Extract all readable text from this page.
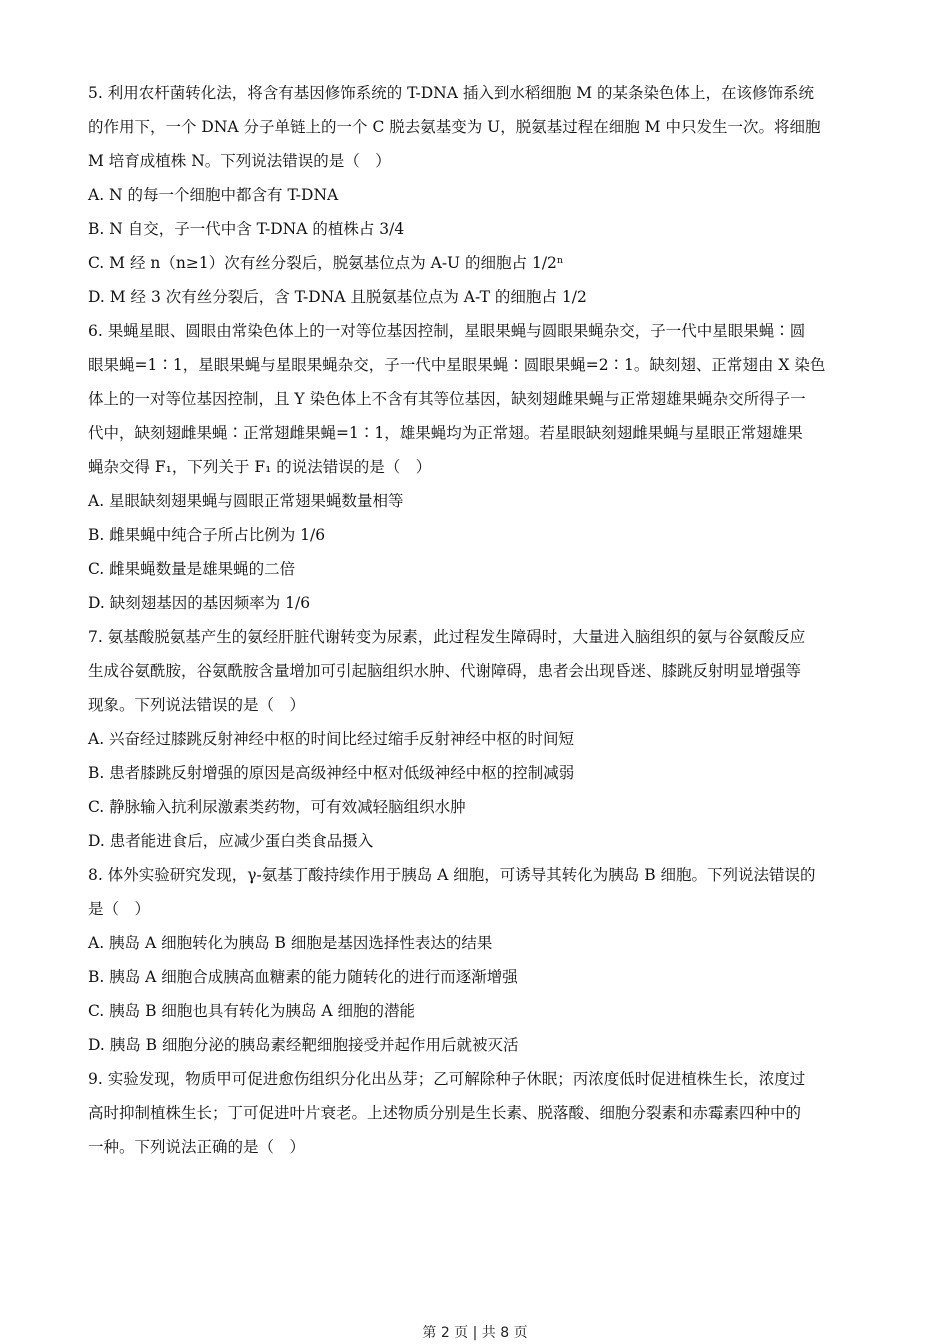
5. 利用农杆菌转化法，将含有基因修饰系统的 T-DNA 插入到水稻细胞 M 的某条染色体上，在该修饰系统
的作用下，一个 DNA 分子单链上的一个 C 脱去氨基变为 U，脱氨基过程在细胞 M 中只发生一次。将细胞
M 培育成植株 N。下列说法错误的是（　）
A. N 的每一个细胞中都含有 T-DNA
B. N 自交，子一代中含 T-DNA 的植株占 3/4
C. M 经 n（n≥1）次有丝分裂后，脱氨基位点为 A-U 的细胞占 1/2ⁿ
D. M 经 3 次有丝分裂后，含 T-DNA 且脱氨基位点为 A-T 的细胞占 1/2
6. 果蝇星眼、圆眼由常染色体上的一对等位基因控制，星眼果蝇与圆眼果蝇杂交，子一代中星眼果蝇∶圆
眼果蝇=1∶1，星眼果蝇与星眼果蝇杂交，子一代中星眼果蝇∶圆眼果蝇=2∶1。缺刻翅、正常翅由 X 染色
体上的一对等位基因控制，且 Y 染色体上不含有其等位基因，缺刻翅雌果蝇与正常翅雄果蝇杂交所得子一
代中，缺刻翅雌果蝇∶正常翅雌果蝇=1∶1，雄果蝇均为正常翅。若星眼缺刻翅雌果蝇与星眼正常翅雄果
蝇杂交得 F₁，下列关于 F₁ 的说法错误的是（　）
A. 星眼缺刻翅果蝇与圆眼正常翅果蝇数量相等
B. 雌果蝇中纯合子所占比例为 1/6
C. 雌果蝇数量是雄果蝇的二倍
D. 缺刻翅基因的基因频率为 1/6
7. 氨基酸脱氨基产生的氨经肝脏代谢转变为尿素，此过程发生障碍时，大量进入脑组织的氨与谷氨酸反应
生成谷氨酰胺，谷氨酰胺含量增加可引起脑组织水肿、代谢障碍，患者会出现昏迷、膝跳反射明显增强等
现象。下列说法错误的是（　）
A. 兴奋经过膝跳反射神经中枢的时间比经过缩手反射神经中枢的时间短
B. 患者膝跳反射增强的原因是高级神经中枢对低级神经中枢的控制减弱
C. 静脉输入抗利尿激素类药物，可有效减轻脑组织水肿
D. 患者能进食后，应减少蛋白类食品摄入
8. 体外实验研究发现，γ-氨基丁酸持续作用于胰岛 A 细胞，可诱导其转化为胰岛 B 细胞。下列说法错误的
是（　）
A. 胰岛 A 细胞转化为胰岛 B 细胞是基因选择性表达的结果
B. 胰岛 A 细胞合成胰高血糖素的能力随转化的进行而逐渐增强
C. 胰岛 B 细胞也具有转化为胰岛 A 细胞的潜能
D. 胰岛 B 细胞分泌的胰岛素经靶细胞接受并起作用后就被灭活
9. 实验发现，物质甲可促进愈伤组织分化出丛芽；乙可解除种子休眠；丙浓度低时促进植株生长，浓度过
高时抑制植株生长；丁可促进叶片衰老。上述物质分别是生长素、脱落酸、细胞分裂素和赤霉素四种中的
一种。下列说法正确的是（　）
第 2 页 | 共 8 页
